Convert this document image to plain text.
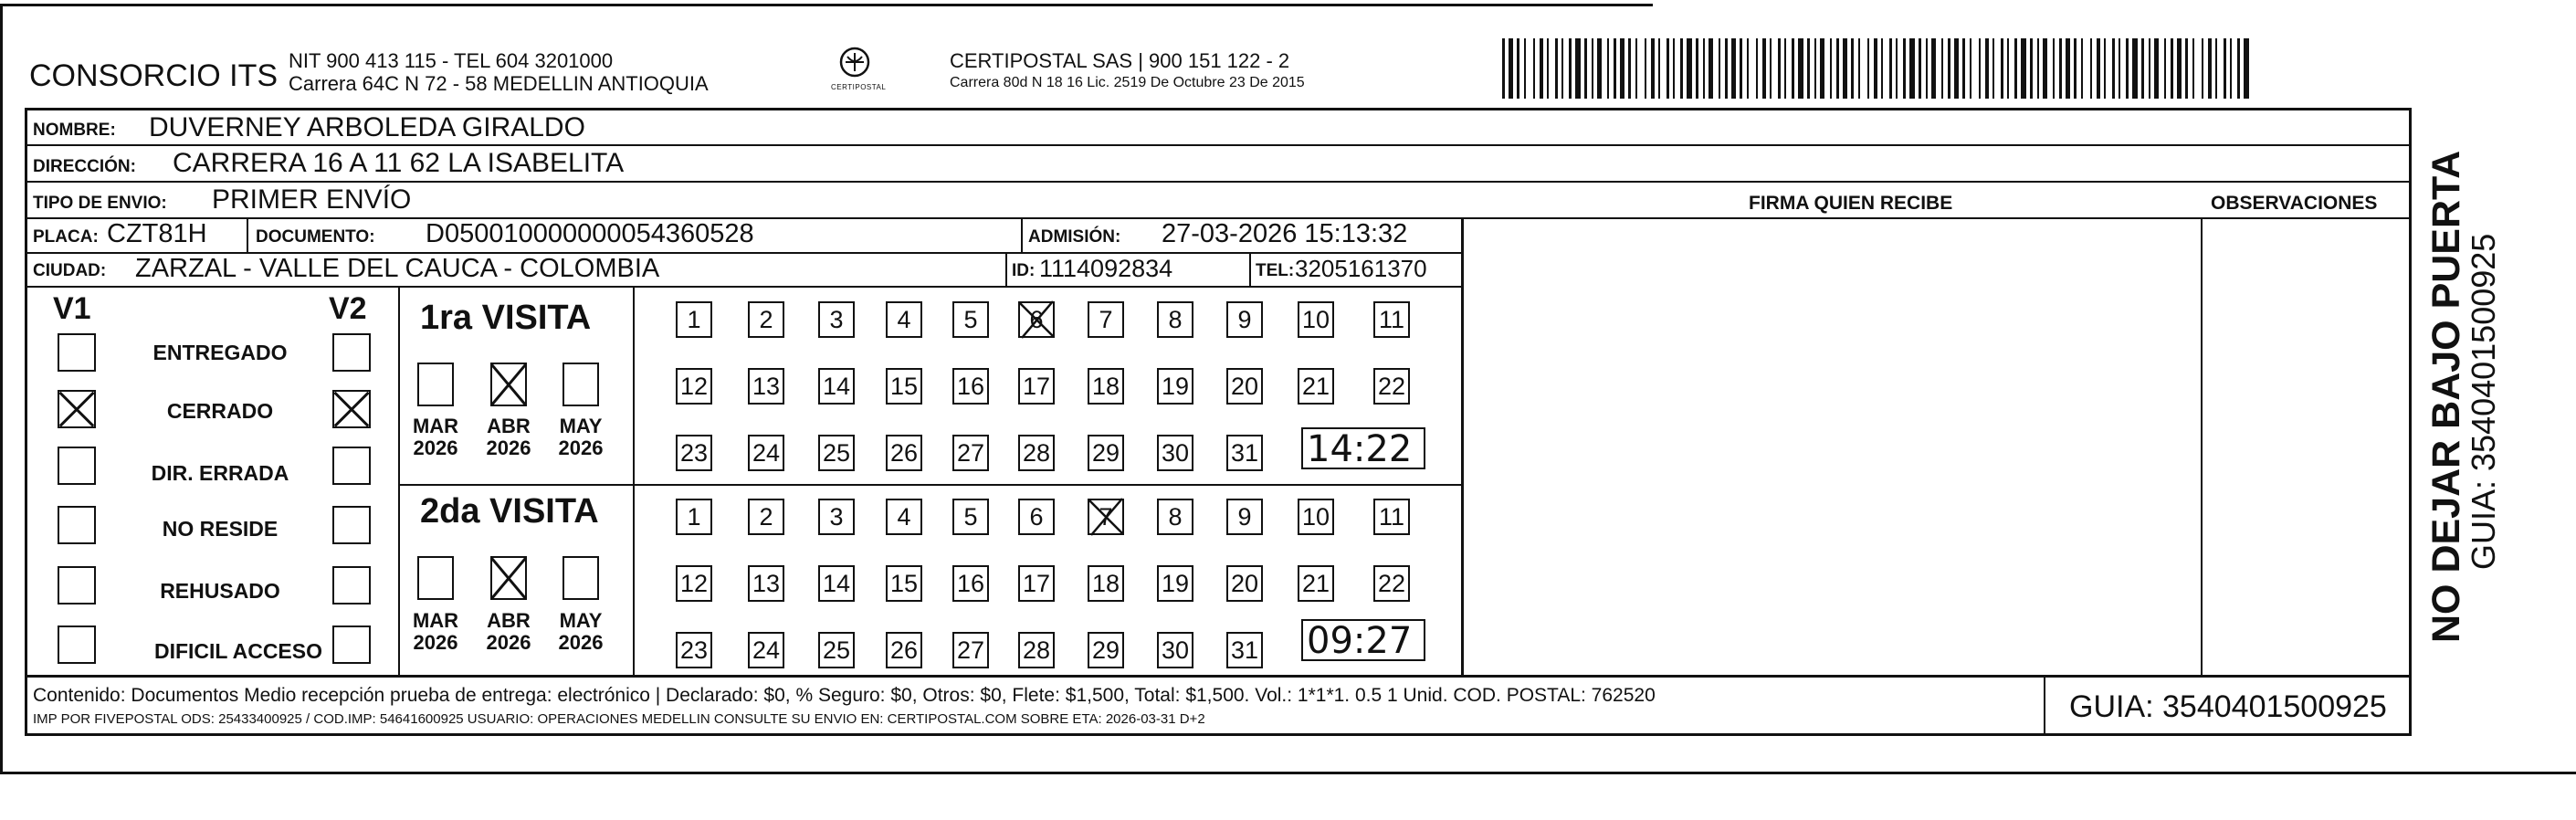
CONSORCIO ITS NIT 900 413 115 - TEL 604 3201000
Carrera 64C N 72 - 58 MEDELLIN ANTIOQUIA	CERTIPOSTAL
CERTIPOSTAL SAS | 900 151 122 - 2
Carrera 80d N 18 16 Lic. 2519 De Octubre 23 De 2015
NOMBRE: DUVERNEY ARBOLEDA GIRALDO
DIRECCIÓN: CARRERA 16 A 11 62 LA ISABELITA
TIPO DE ENVIO: PRIMER ENVÍO	FIRMA QUIEN RECIBE	OBSERVACIONES
PLACA: CZT81H	DOCUMENTO: D050010000000054360528	ADMISIÓN: 27-03-2026 15:13:32
CIUDAD: ZARZAL - VALLE DEL CAUCA - COLOMBIA	ID: 1114092834	TEL: 3205161370
V1	V2
ENTREGADO
CERRADO
DIR. ERRADA
NO RESIDE
REHUSADO
DIFICIL ACCESO
1ra VISITA
MAR
2026
ABR
2026
MAY
2026
1	2	3	4	5	6	7	8	9	10 11
12 13 14 15 16 17 18 19 20 21 22
23 24 25 26 27 28 29 30 31 14:22
2da VISITA
MAR
2026
ABR
2026
MAY
2026
1	2	3	4	5	6	7	8	9	10 11
12 13 14 15 16 17 18 19 20 21 22
23 24 25 26 27 28 29 30 31 09:27
Contenido: Documentos Medio recepción prueba de entrega: electrónico | Declarado: $0, % Seguro: $0, Otros: $0, Flete: $1,500, Total: $1,500. Vol.: 1*1*1. 0.5 1 Unid. COD. POSTAL: 762520
IMP POR FIVEPOSTAL ODS: 25433400925 / COD.IMP: 54641600925 USUARIO: OPERACIONES MEDELLIN CONSULTE SU ENVIO EN: CERTIPOSTAL.COM SOBRE ETA: 2026-03-31 D+2	GUIA: 3540401500925
NO DEJAR BAJO PUERTA
GUIA: 3540401500925
